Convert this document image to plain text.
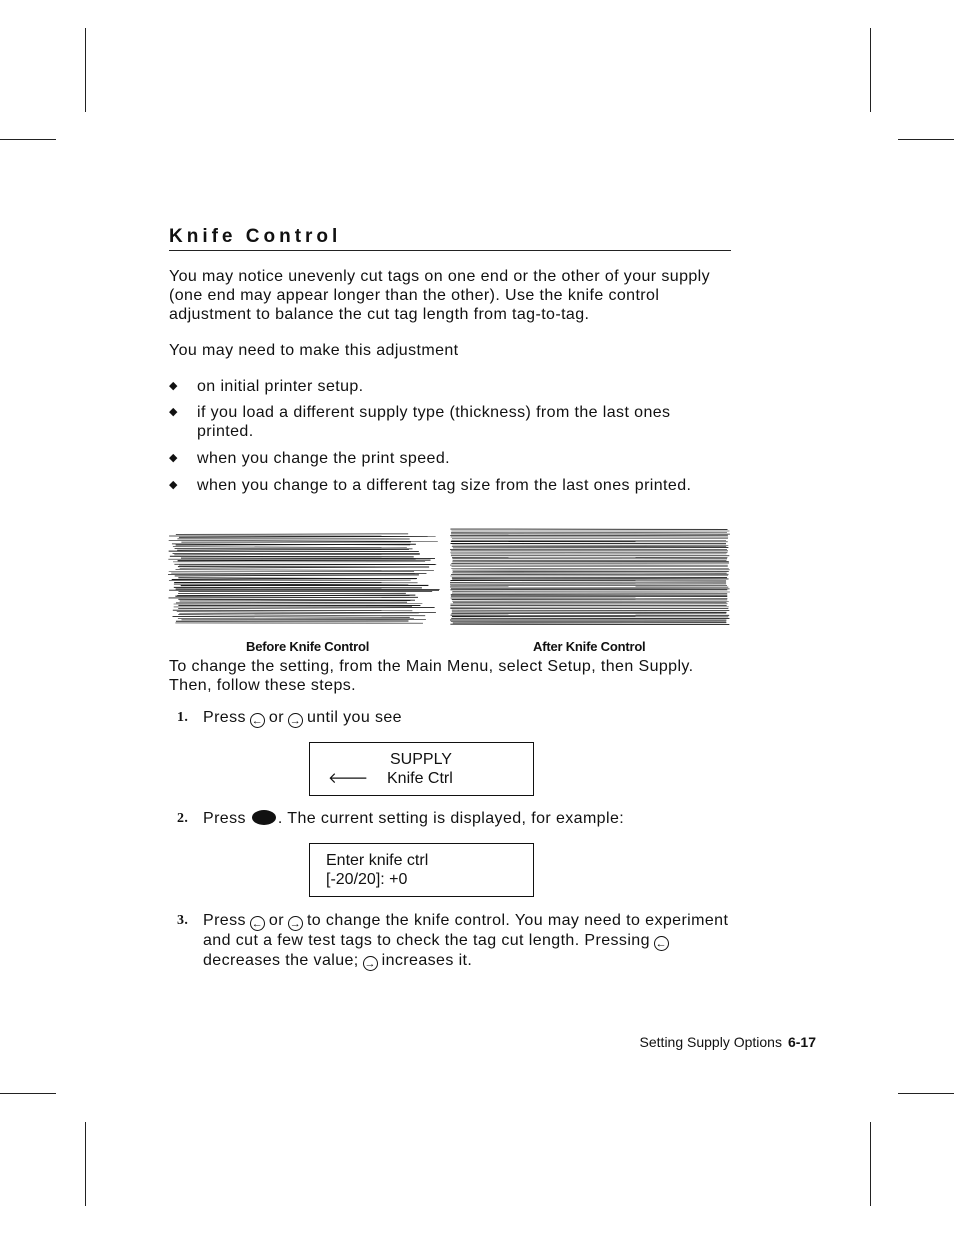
Knife Control
You may notice unevenly cut tags on one end or the other of your supply (one end may appear longer than the other). Use the knife control adjustment to balance the cut tag length from tag-to-tag.
You may need to make this adjustment
◆ on initial printer setup.
◆ if you load a different supply type (thickness) from the last ones printed.
◆ when you change the print speed.
◆ when you change to a different tag size from the last ones printed.
Before Knife Control	After Knife Control
To change the setting, from the Main Menu, select Setup, then Supply. Then, follow these steps.
1. Press ← or → until you see
SUPPLY
🡐 Knife Ctrl
2. Press . The current setting is displayed, for example:
Enter knife ctrl
[-20/20]: +0
3. Press ← or → to change the knife control. You may need to experiment and cut a few test tags to check the tag cut length. Pressing ←decreases the value; → increases it.
Setting Supply Options 6-17
